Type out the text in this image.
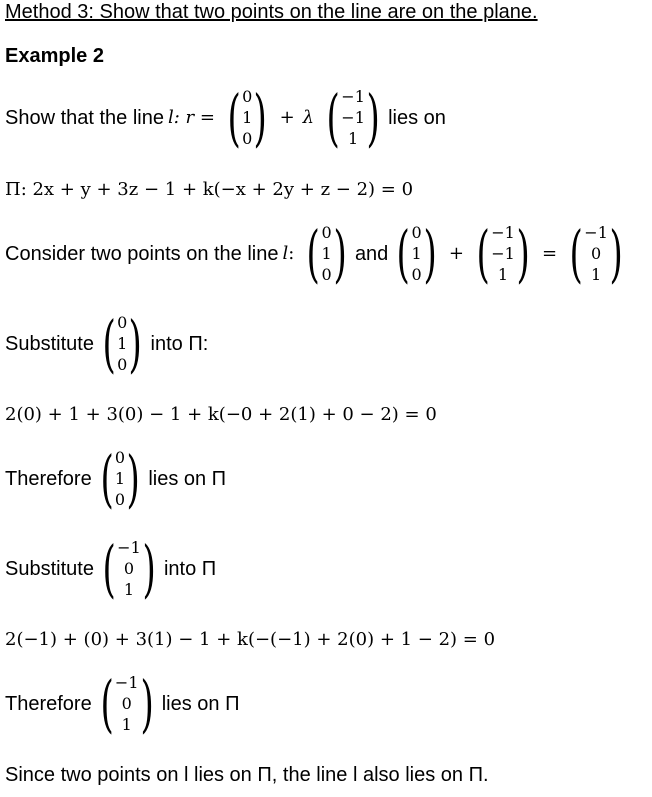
Method 3: Show that two points on the line are on the plane.
Example 2
Show that the line l : r = ( 0
1
0 ) + λ ( −1
−1
1 ) lies on
Π: 2x + y + 3z − 1 + k(−x + 2y + z − 2) = 0
Consider two points on the line l : ( 0
1
0 ) and ( 0
1
0 ) + ( −1
−1
1 ) = ( −1
0
1 )
Substitute ( 0
1
0 ) into Π:
2(0) + 1 + 3(0) − 1 + k(−0 + 2(1) + 0 − 2) = 0
Therefore ( 0
1
0 ) lies on Π
Substitute ( −1
0
1 ) into Π
2(−1) + (0) + 3(1) − 1 + k(−(−1) + 2(0) + 1 − 2) = 0
Therefore ( −1
0
1 ) lies on Π
Since two points on l lies on Π, the line l also lies on Π.
